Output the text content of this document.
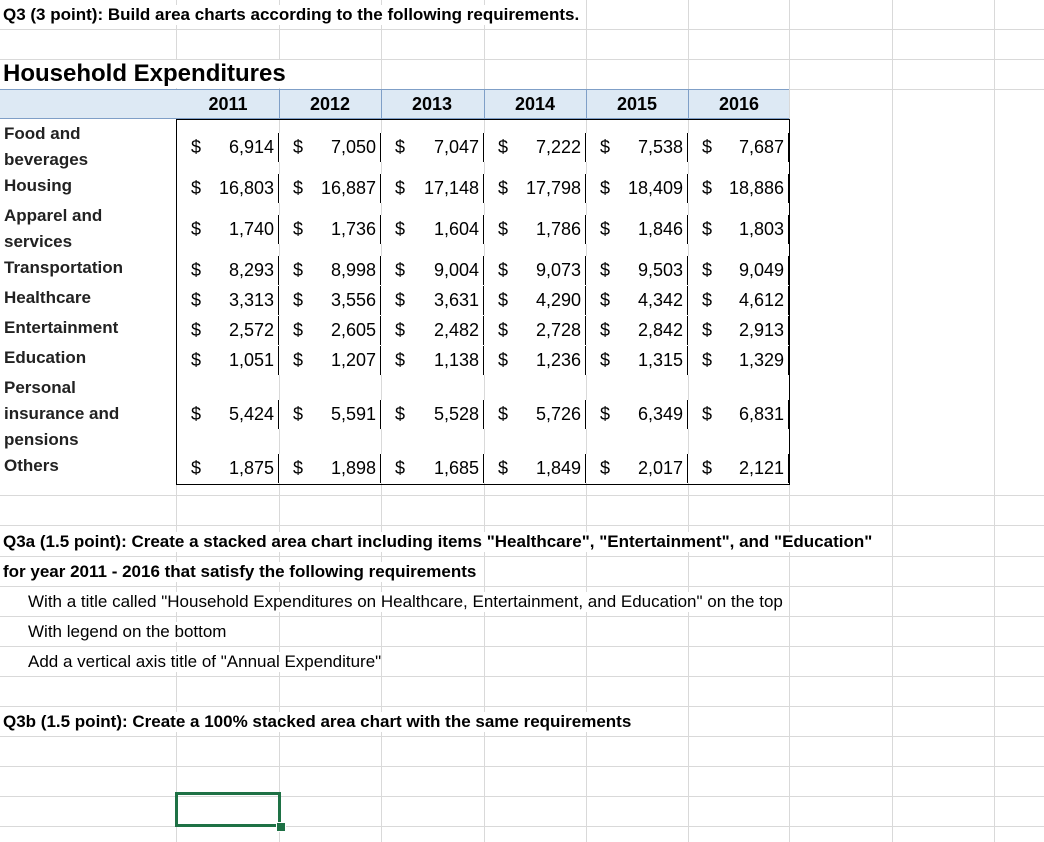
Q3 (3 point): Build area charts according to the following requirements.
Household Expenditures
2011	2012	2013	2014	2015	2016
Food and
beverages
$ 6,914 $ 7,050 $ 7,047 $ 7,222 $ 7,538 $ 7,687
Housing	$ 16,803 $ 16,887 $ 17,148 $ 17,798 $ 18,409 $ 18,886
Apparel and
services
$ 1,740 $ 1,736 $ 1,604 $ 1,786 $ 1,846 $ 1,803
Transportation	$ 8,293 $ 8,998 $ 9,004 $ 9,073 $ 9,503 $ 9,049
Healthcare	$ 3,313 $ 3,556 $ 3,631 $ 4,290 $ 4,342 $ 4,612
Entertainment	$ 2,572 $ 2,605 $ 2,482 $ 2,728 $ 2,842 $ 2,913
Education	$ 1,051 $ 1,207 $ 1,138 $ 1,236 $ 1,315 $ 1,329
Personal
insurance and
pensions
$ 5,424 $ 5,591 $ 5,528 $ 5,726 $ 6,349 $ 6,831
Others	$ 1,875 $ 1,898 $ 1,685 $ 1,849 $ 2,017 $ 2,121
Q3a (1.5 point): Create a stacked area chart including items "Healthcare", "Entertainment", and "Education"
for year 2011 - 2016 that satisfy the following requirements
With a title called "Household Expenditures on Healthcare, Entertainment, and Education" on the top
With legend on the bottom
Add a vertical axis title of "Annual Expenditure"
Q3b (1.5 point): Create a 100% stacked area chart with the same requirements
